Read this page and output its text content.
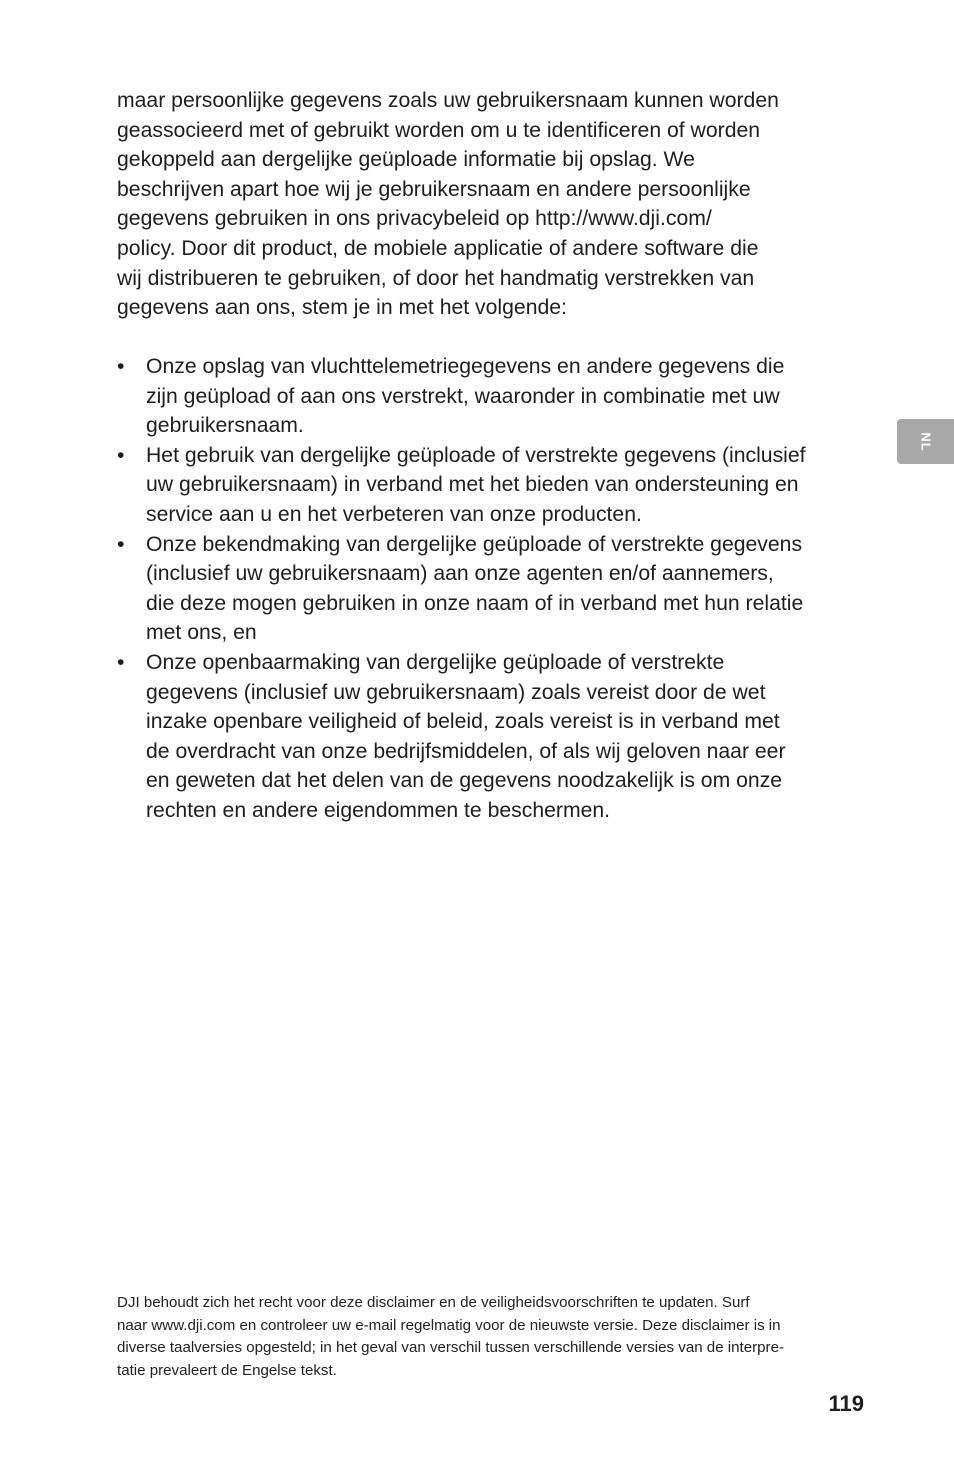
maar persoonlijke gegevens zoals uw gebruikersnaam kunnen worden
geassocieerd met of gebruikt worden om u te identificeren of worden
gekoppeld aan dergelijke geüploade informatie bij opslag. We
beschrijven apart hoe wij je gebruikersnaam en andere persoonlijke
gegevens gebruiken in ons privacybeleid op http://www.dji.com/
policy. Door dit product, de mobiele applicatie of andere software die
wij distribueren te gebruiken, of door het handmatig verstrekken van
gegevens aan ons, stem je in met het volgende:

• Onze opslag van vluchttelemetriegegevens en andere gegevens die
zijn geüpload of aan ons verstrekt, waaronder in combinatie met uw
gebruikersnaam.
• Het gebruik van dergelijke geüploade of verstrekte gegevens (inclusief
uw gebruikersnaam) in verband met het bieden van ondersteuning en
service aan u en het verbeteren van onze producten.
• Onze bekendmaking van dergelijke geüploade of verstrekte gegevens
(inclusief uw gebruikersnaam) aan onze agenten en/of aannemers,
die deze mogen gebruiken in onze naam of in verband met hun relatie
met ons, en
• Onze openbaarmaking van dergelijke geüploade of verstrekte
gegevens (inclusief uw gebruikersnaam) zoals vereist door de wet
inzake openbare veiligheid of beleid, zoals vereist is in verband met
de overdracht van onze bedrijfsmiddelen, of als wij geloven naar eer
en geweten dat het delen van de gegevens noodzakelijk is om onze
rechten en andere eigendommen te beschermen.
NL

DJI behoudt zich het recht voor deze disclaimer en de veiligheidsvoorschriften te updaten. Surf
naar www.dji.com en controleer uw e-mail regelmatig voor de nieuwste versie. Deze disclaimer is in
diverse taalversies opgesteld; in het geval van verschil tussen verschillende versies van de interpre-
tatie prevaleert de Engelse tekst.

119
